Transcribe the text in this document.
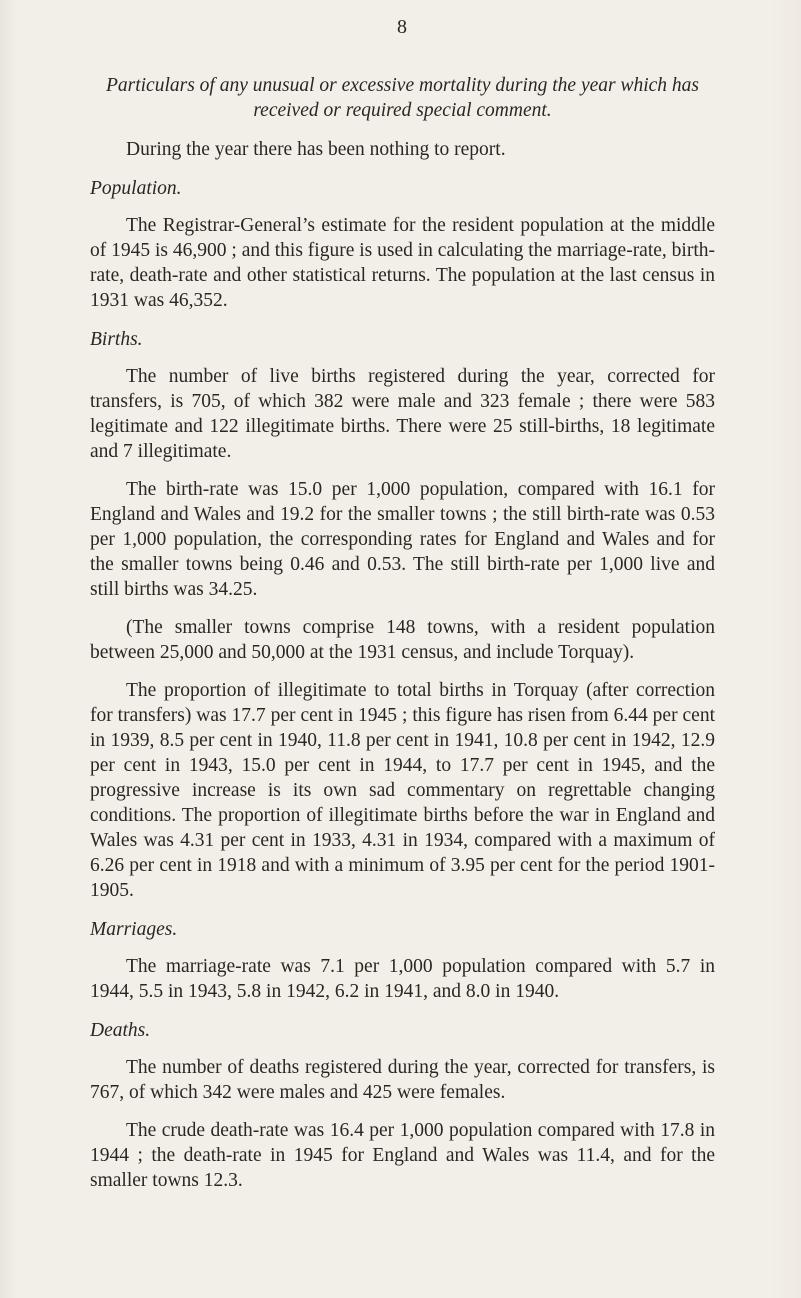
8
Particulars of any unusual or excessive mortality during the year which has received or required special comment.

During the year there has been nothing to report.

Population.

The Registrar-General’s estimate for the resident population at the middle of 1945 is 46,900 ; and this figure is used in calculating the marriage-rate, birth-rate, death-rate and other statistical returns. The population at the last census in 1931 was 46,352.

Births.

The number of live births registered during the year, corrected for transfers, is 705, of which 382 were male and 323 female ; there were 583 legitimate and 122 illegitimate births. There were 25 still-births, 18 legitimate and 7 illegitimate.

The birth-rate was 15.0 per 1,000 population, compared with 16.1 for England and Wales and 19.2 for the smaller towns ; the still birth-rate was 0.53 per 1,000 population, the corresponding rates for England and Wales and for the smaller towns being 0.46 and 0.53. The still birth-rate per 1,000 live and still births was 34.25.

(The smaller towns comprise 148 towns, with a resident population between 25,000 and 50,000 at the 1931 census, and include Torquay).

The proportion of illegitimate to total births in Torquay (after correction for transfers) was 17.7 per cent in 1945 ; this figure has risen from 6.44 per cent in 1939, 8.5 per cent in 1940, 11.8 per cent in 1941, 10.8 per cent in 1942, 12.9 per cent in 1943, 15.0 per cent in 1944, to 17.7 per cent in 1945, and the progressive increase is its own sad commentary on regrettable changing conditions. The proportion of illegitimate births before the war in England and Wales was 4.31 per cent in 1933, 4.31 in 1934, compared with a maximum of 6.26 per cent in 1918 and with a minimum of 3.95 per cent for the period 1901-1905.

Marriages.

The marriage-rate was 7.1 per 1,000 population compared with 5.7 in 1944, 5.5 in 1943, 5.8 in 1942, 6.2 in 1941, and 8.0 in 1940.

Deaths.

The number of deaths registered during the year, corrected for transfers, is 767, of which 342 were males and 425 were females.

The crude death-rate was 16.4 per 1,000 population compared with 17.8 in 1944 ; the death-rate in 1945 for England and Wales was 11.4, and for the smaller towns 12.3.
